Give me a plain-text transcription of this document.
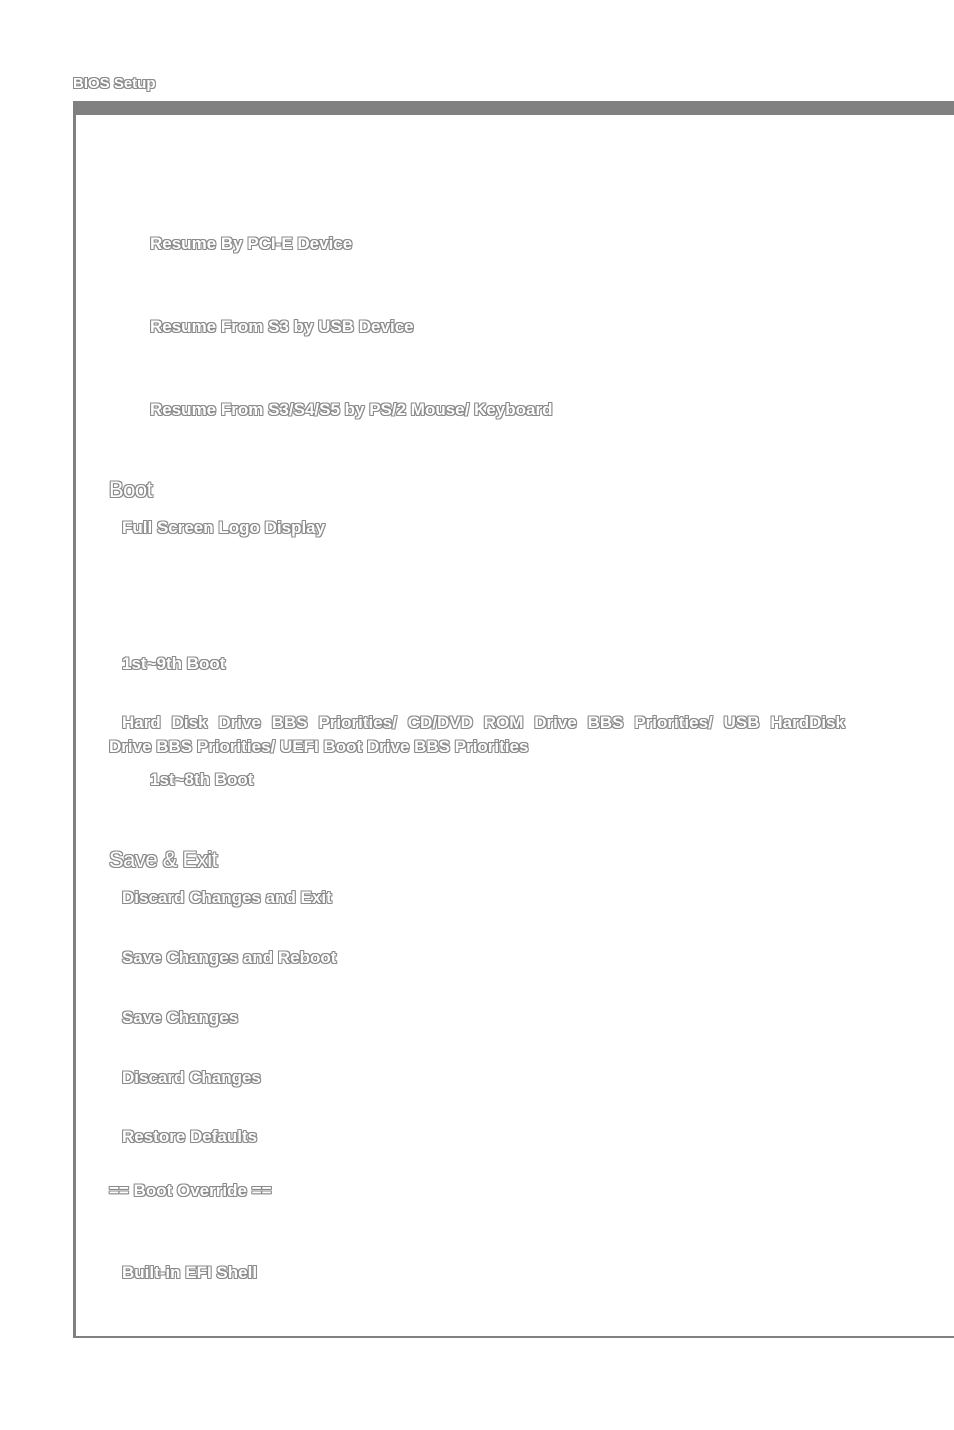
BIOS Setup
Resume By PCI-E Device
Resume From S3 by USB Device
Resume From S3/S4/S5 by PS/2 Mouse/ Keyboard
Boot
Full Screen Logo Display
1st~9th Boot
Hard Disk Drive BBS Priorities/ CD/DVD ROM Drive BBS Priorities/ USB HardDisk
Drive BBS Priorities/ UEFI Boot Drive BBS Priorities
1st~8th Boot
Save & Exit
Discard Changes and Exit
Save Changes and Reboot
Save Changes
Discard Changes
Restore Defaults
== Boot Override ==
Built-in EFI Shell
